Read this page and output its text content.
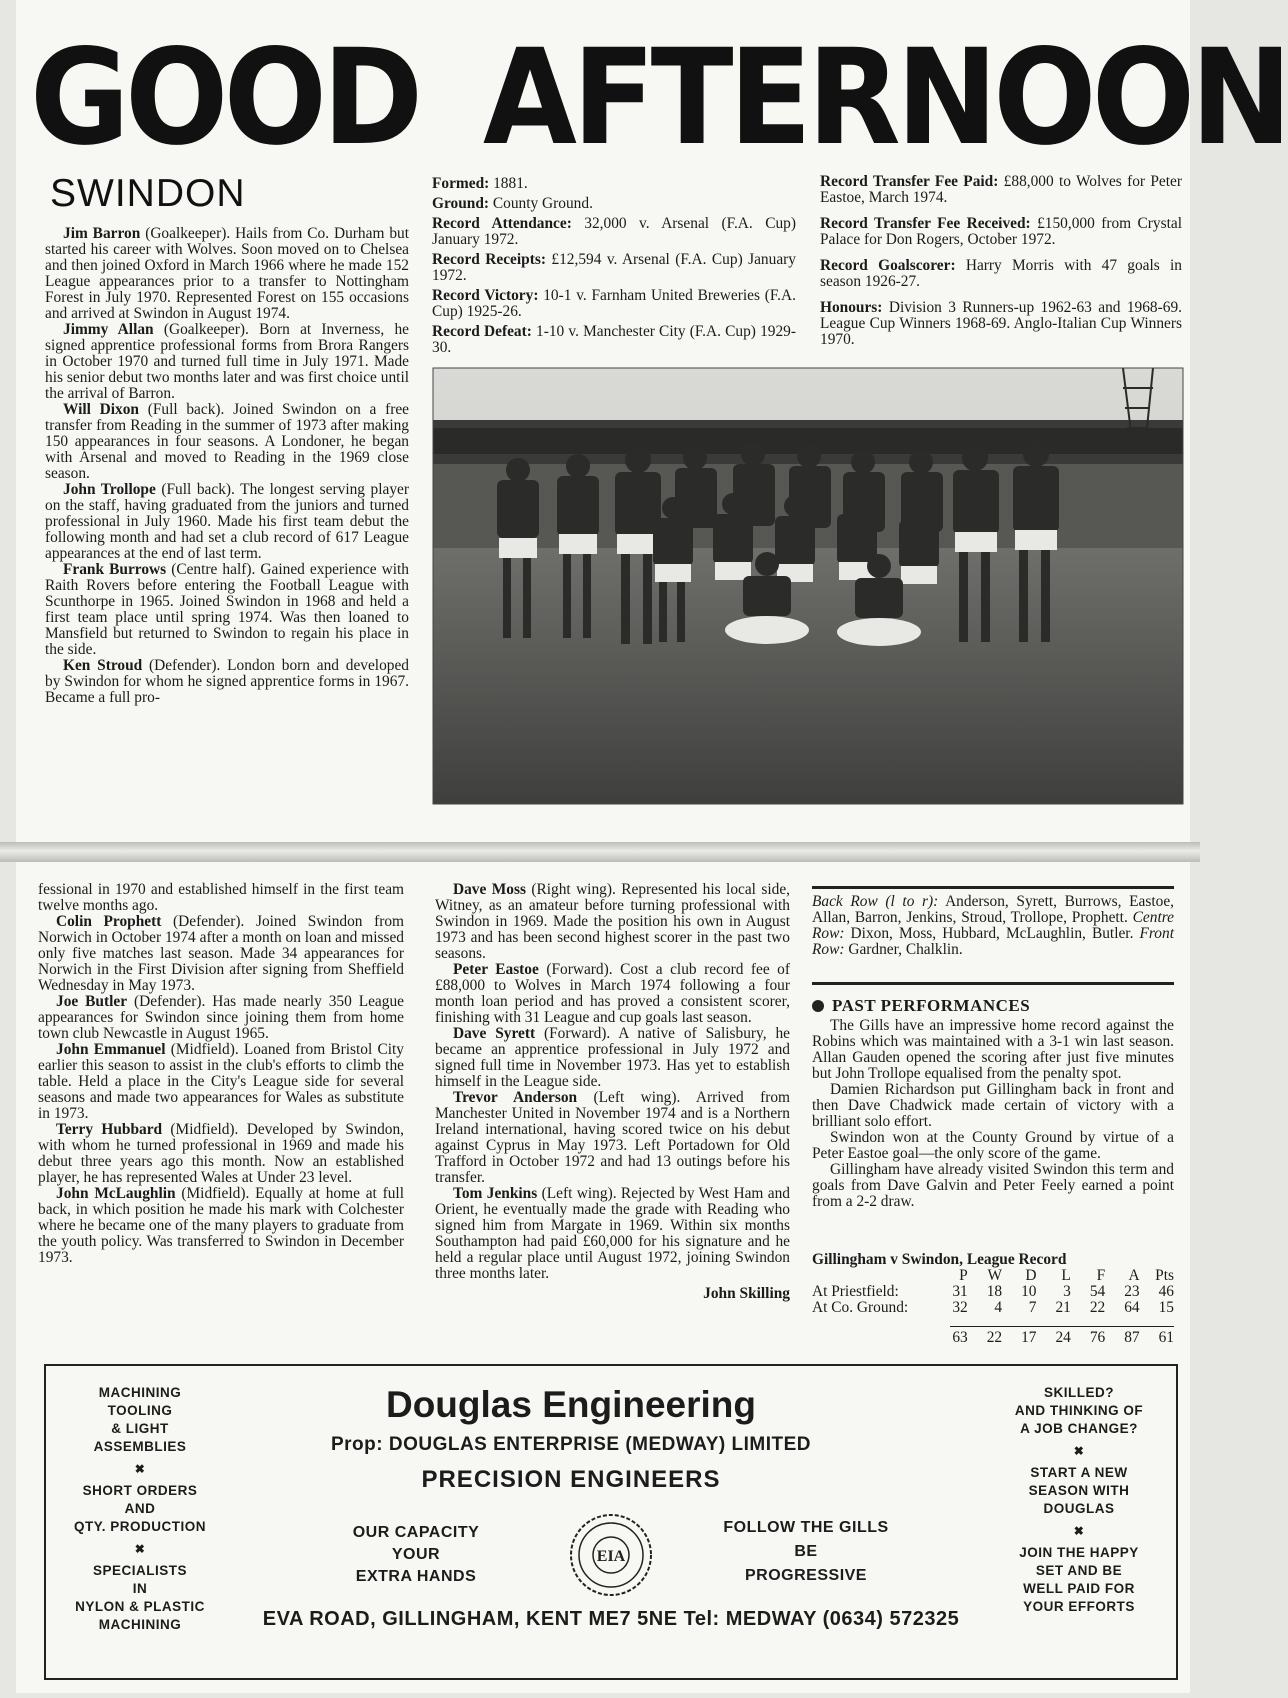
GOOD AFTERNOON
SWINDON

Jim Barron (Goalkeeper). Hails from Co. Durham but started his career with Wolves. Soon moved on to Chelsea and then joined Oxford in March 1966 where he made 152 League appearances prior to a transfer to Nottingham Forest in July 1970. Represented Forest on 155 occasions and arrived at Swindon in August 1974.

Jimmy Allan (Goalkeeper). Born at Inverness, he signed apprentice professional forms from Brora Rangers in October 1970 and turned full time in July 1971. Made his senior debut two months later and was first choice until the arrival of Barron.

Will Dixon (Full back). Joined Swindon on a free transfer from Reading in the summer of 1973 after making 150 appearances in four seasons. A Londoner, he began with Arsenal and moved to Reading in the 1969 close season.

John Trollope (Full back). The longest serving player on the staff, having graduated from the juniors and turned professional in July 1960. Made his first team debut the following month and had set a club record of 617 League appearances at the end of last term.

Frank Burrows (Centre half). Gained experience with Raith Rovers before entering the Football League with Scunthorpe in 1965. Joined Swindon in 1968 and held a first team place until spring 1974. Was then loaned to Mansfield but returned to Swindon to regain his place in the side.

Ken Stroud (Defender). London born and developed by Swindon for whom he signed apprentice forms in 1967. Became a full pro-

Formed: 1881.

Ground: County Ground.

Record Attendance: 32,000 v. Arsenal (F.A. Cup) January 1972.

Record Receipts: £12,594 v. Arsenal (F.A. Cup) January 1972.

Record Victory: 10-1 v. Farnham United Breweries (F.A. Cup) 1925-26.

Record Defeat: 1-10 v. Manchester City (F.A. Cup) 1929-30.

Record Transfer Fee Paid: £88,000 to Wolves for Peter Eastoe, March 1974.

Record Transfer Fee Received: £150,000 from Crystal Palace for Don Rogers, October 1972.

Record Goalscorer: Harry Morris with 47 goals in season 1926-27.

Honours: Division 3 Runners-up 1962-63 and 1968-69. League Cup Winners 1968-69. Anglo-Italian Cup Winners 1970.

fessional in 1970 and established himself in the first team twelve months ago.

Colin Prophett (Defender). Joined Swindon from Norwich in October 1974 after a month on loan and missed only five matches last season. Made 34 appearances for Norwich in the First Division after signing from Sheffield Wednesday in May 1973.

Joe Butler (Defender). Has made nearly 350 League appearances for Swindon since joining them from home town club Newcastle in August 1965.

John Emmanuel (Midfield). Loaned from Bristol City earlier this season to assist in the club's efforts to climb the table. Held a place in the City's League side for several seasons and made two appearances for Wales as substitute in 1973.

Terry Hubbard (Midfield). Developed by Swindon, with whom he turned professional in 1969 and made his debut three years ago this month. Now an established player, he has represented Wales at Under 23 level.

John McLaughlin (Midfield). Equally at home at full back, in which position he made his mark with Colchester where he became one of the many players to graduate from the youth policy. Was transferred to Swindon in December 1973.

Dave Moss (Right wing). Represented his local side, Witney, as an amateur before turning professional with Swindon in 1969. Made the position his own in August 1973 and has been second highest scorer in the past two seasons.

Peter Eastoe (Forward). Cost a club record fee of £88,000 to Wolves in March 1974 following a four month loan period and has proved a consistent scorer, finishing with 31 League and cup goals last season.

Dave Syrett (Forward). A native of Salisbury, he became an apprentice professional in July 1972 and signed full time in November 1973. Has yet to establish himself in the League side.

Trevor Anderson (Left wing). Arrived from Manchester United in November 1974 and is a Northern Ireland international, having scored twice on his debut against Cyprus in May 1973. Left Portadown for Old Trafford in October 1972 and had 13 outings before his transfer.

Tom Jenkins (Left wing). Rejected by West Ham and Orient, he eventually made the grade with Reading who signed him from Margate in 1969. Within six months Southampton had paid £60,000 for his signature and he held a regular place until August 1972, joining Swindon three months later.

John Skilling
Back Row (l to r): Anderson, Syrett, Burrows, Eastoe, Allan, Barron, Jenkins, Stroud, Trollope, Prophett. Centre Row: Dixon, Moss, Hubbard, McLaughlin, Butler. Front Row: Gardner, Chalklin.
PAST PERFORMANCES

The Gills have an impressive home record against the Robins which was maintained with a 3-1 win last season. Allan Gauden opened the scoring after just five minutes but John Trollope equalised from the penalty spot.

Damien Richardson put Gillingham back in front and then Dave Chadwick made certain of victory with a brilliant solo effort.

Swindon won at the County Ground by virtue of a Peter Eastoe goal—the only score of the game.

Gillingham have already visited Swindon this term and goals from Dave Galvin and Peter Feely earned a point from a 2-2 draw.

Gillingham v Swindon, League Record
	P	W	D	L	F	A	Pts
At Priestfield:	31	18	10	3	54	23	46
At Co. Ground:	32	4	7	21	22	64	15
	63	22	17	24	76	87	61
MACHINING
TOOLING
& LIGHT
ASSEMBLIES
✖
SHORT ORDERS
AND
QTY. PRODUCTION
✖
SPECIALISTS
IN
NYLON & PLASTIC
MACHINING
Douglas Engineering
Prop: DOUGLAS ENTERPRISE (MEDWAY) LIMITED
PRECISION ENGINEERS
OUR CAPACITY
YOUR
EXTRA HANDS
EIA
FOLLOW THE GILLS
BE
PROGRESSIVE
SKILLED?
AND THINKING OF
A JOB CHANGE?
✖
START A NEW
SEASON WITH
DOUGLAS
✖
JOIN THE HAPPY
SET AND BE
WELL PAID FOR
YOUR EFFORTS
EVA ROAD, GILLINGHAM, KENT ME7 5NE Tel: MEDWAY (0634) 572325
